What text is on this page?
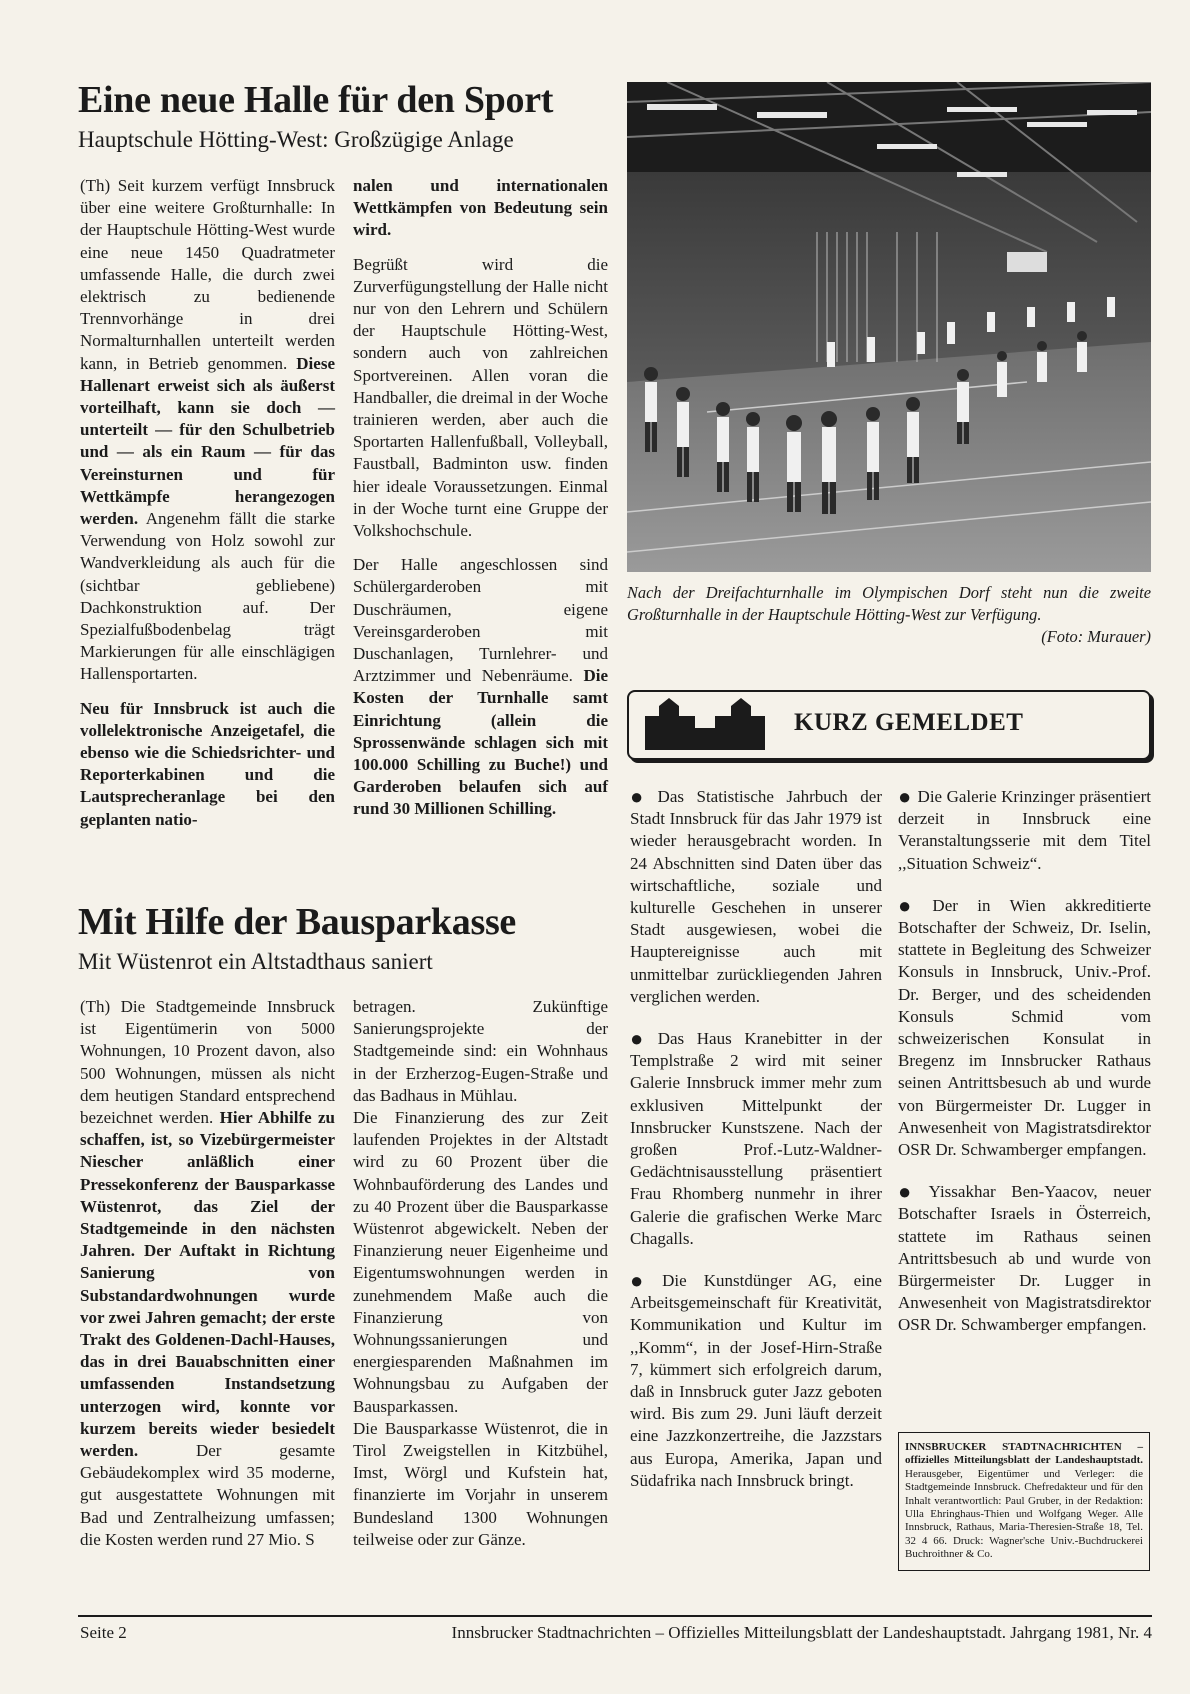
Eine neue Halle für den Sport
Hauptschule Hötting-West: Großzügige Anlage

(Th) Seit kurzem verfügt Innsbruck über eine weitere Großturnhalle: In der Hauptschule Hötting-West wurde eine neue 1450 Quadratmeter umfassende Halle, die durch zwei elektrisch zu bedienende Trennvorhänge in drei Normalturnhallen unterteilt werden kann, in Betrieb genommen. Diese Hallenart erweist sich als äußerst vorteilhaft, kann sie doch — unterteilt — für den Schulbetrieb und — als ein Raum — für das Vereinsturnen und für Wettkämpfe herangezogen werden. Angenehm fällt die starke Verwendung von Holz sowohl zur Wandverkleidung als auch für die (sichtbar gebliebene) Dachkonstruktion auf. Der Spezialfußbodenbelag trägt Markierungen für alle einschlägigen Hallensportarten.

Neu für Innsbruck ist auch die vollelektronische Anzeigetafel, die ebenso wie die Schiedsrichter- und Reporterkabinen und die Lautsprecheranlage bei den geplanten natio-

nalen und internationalen Wettkämpfen von Bedeutung sein wird.

Begrüßt wird die Zurverfügungstellung der Halle nicht nur von den Lehrern und Schülern der Hauptschule Hötting-West, sondern auch von zahlreichen Sportvereinen. Allen voran die Handballer, die dreimal in der Woche trainieren werden, aber auch die Sportarten Hallenfußball, Volleyball, Faustball, Badminton usw. finden hier ideale Voraussetzungen. Einmal in der Woche turnt eine Gruppe der Volkshochschule.

Der Halle angeschlossen sind Schülergarderoben mit Duschräumen, eigene Vereinsgarderoben mit Duschanlagen, Turnlehrer- und Arztzimmer und Nebenräume. Die Kosten der Turnhalle samt Einrichtung (allein die Sprossenwände schlagen sich mit 100.000 Schilling zu Buche!) und Garderoben belaufen sich auf rund 30 Millionen Schilling.

Nach der Dreifachturnhalle im Olympischen Dorf steht nun die zweite Großturnhalle in der Hauptschule Hötting-West zur Verfügung.
(Foto: Murauer)
KURZ GEMELDET
● Das Statistische Jahrbuch der Stadt Innsbruck für das Jahr 1979 ist wieder herausgebracht worden. In 24 Abschnitten sind Daten über das wirtschaftliche, soziale und kulturelle Geschehen in unserer Stadt ausgewiesen, wobei die Hauptereignisse auch mit unmittelbar zurückliegenden Jahren verglichen werden.
● Das Haus Kranebitter in der Templstraße 2 wird mit seiner Galerie Innsbruck immer mehr zum exklusiven Mittelpunkt der Innsbrucker Kunstszene. Nach der großen Prof.-Lutz-Waldner-Gedächtnisausstellung präsentiert Frau Rhomberg nunmehr in ihrer Galerie die grafischen Werke Marc Chagalls.
● Die Kunstdünger AG, eine Arbeitsgemeinschaft für Kreativität, Kommunikation und Kultur im ,,Komm“, in der Josef-Hirn-Straße 7, kümmert sich erfolgreich darum, daß in Innsbruck guter Jazz geboten wird. Bis zum 29. Juni läuft derzeit eine Jazzkonzertreihe, die Jazzstars aus Europa, Amerika, Japan und Südafrika nach Innsbruck bringt.
● Die Galerie Krinzinger präsentiert derzeit in Innsbruck eine Veranstaltungsserie mit dem Titel ,,Situation Schweiz“.
● Der in Wien akkreditierte Botschafter der Schweiz, Dr. Iselin, stattete in Begleitung des Schweizer Konsuls in Innsbruck, Univ.-Prof. Dr. Berger, und des scheidenden Konsuls Schmid vom schweizerischen Konsulat in Bregenz im Innsbrucker Rathaus seinen Antrittsbesuch ab und wurde von Bürgermeister Dr. Lugger in Anwesenheit von Magistratsdirektor OSR Dr. Schwamberger empfangen.
● Yissakhar Ben-Yaacov, neuer Botschafter Israels in Österreich, stattete im Rathaus seinen Antrittsbesuch ab und wurde von Bürgermeister Dr. Lugger in Anwesenheit von Magistratsdirektor OSR Dr. Schwamberger empfangen.
INNSBRUCKER STADTNACHRICHTEN – offizielles Mitteilungsblatt der Landeshauptstadt. Herausgeber, Eigentümer und Verleger: die Stadtgemeinde Innsbruck. Chefredakteur und für den Inhalt verantwortlich: Paul Gruber, in der Redaktion: Ulla Ehringhaus-Thien und Wolfgang Weger. Alle Innsbruck, Rathaus, Maria-Theresien-Straße 18, Tel. 32 4 66. Druck: Wagner'sche Univ.-Buchdruckerei Buchroithner & Co.
Mit Hilfe der Bausparkasse
Mit Wüstenrot ein Altstadthaus saniert

(Th) Die Stadtgemeinde Innsbruck ist Eigentümerin von 5000 Wohnungen, 10 Prozent davon, also 500 Wohnungen, müssen als nicht dem heutigen Standard entsprechend bezeichnet werden. Hier Abhilfe zu schaffen, ist, so Vizebürgermeister Niescher anläßlich einer Pressekonferenz der Bausparkasse Wüstenrot, das Ziel der Stadtgemeinde in den nächsten Jahren. Der Auftakt in Richtung Sanierung von Substandardwohnungen wurde vor zwei Jahren gemacht; der erste Trakt des Goldenen-Dachl-Hauses, das in drei Bauabschnitten einer umfassenden Instandsetzung unterzogen wird, konnte vor kurzem bereits wieder besiedelt werden.	Der gesamte Gebäudekomplex wird 35 moderne, gut ausgestattete Wohnungen mit Bad und Zentralheizung umfassen; die Kosten werden rund 27 Mio. S

betragen. Zukünftige Sanierungsprojekte der Stadtgemeinde sind: ein Wohnhaus in der Erzherzog-Eugen-Straße und das Badhaus in Mühlau.

Die Finanzierung des zur Zeit laufenden Projektes in der Altstadt wird zu 60 Prozent über die Wohnbauförderung des Landes und zu 40 Prozent über die Bausparkasse Wüstenrot abgewickelt. Neben der Finanzierung neuer Eigenheime und Eigentumswohnungen werden in zunehmendem Maße auch die Finanzierung von Wohnungssanierungen und energiesparenden Maßnahmen im Wohnungsbau zu Aufgaben der Bausparkassen.

Die Bausparkasse Wüstenrot, die in Tirol Zweigstellen in Kitzbühel, Imst, Wörgl und Kufstein hat, finanzierte im Vorjahr in unserem Bundesland 1300 Wohnungen teilweise oder zur Gänze.

Seite 2	Innsbrucker Stadtnachrichten – Offizielles Mitteilungsblatt der Landeshauptstadt. Jahrgang 1981, Nr. 4
